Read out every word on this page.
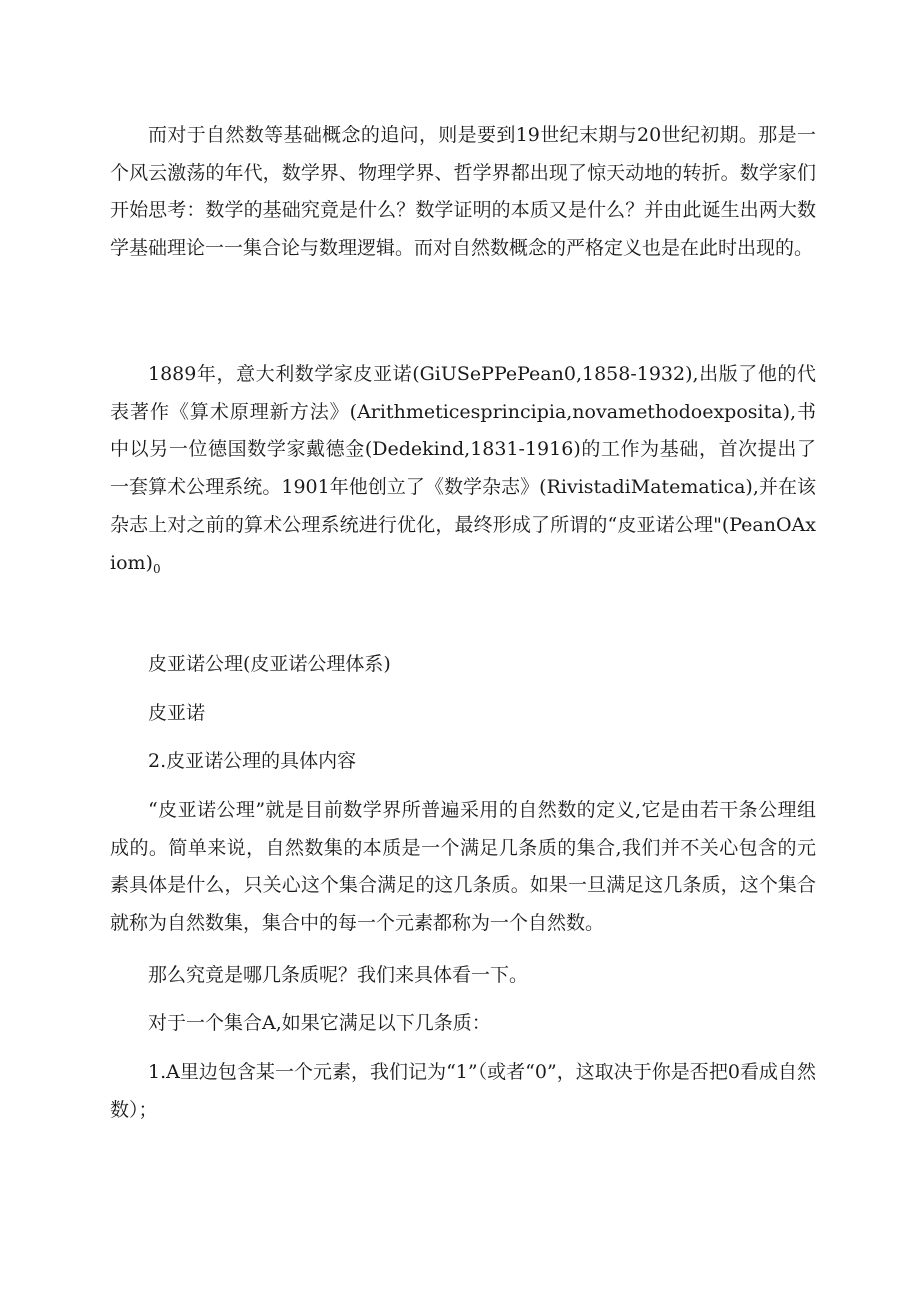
而对于自然数等基础概念的追问，则是要到19世纪末期与20世纪初期。那是一个风云激荡的年代，数学界、物理学界、哲学界都出现了惊天动地的转折。数学家们开始思考：数学的基础究竟是什么？数学证明的本质又是什么？并由此诞生出两大数学基础理论一一集合论与数理逻辑。而对自然数概念的严格定义也是在此时出现的。

1889年，意大利数学家皮亚诺(GiUSePPePean0,1858-1932),出版了他的代表著作《算术原理新方法》(Arithmeticesprincipia,novamethodoexposita),书中以另一位德国数学家戴德金(Dedekind,1831-1916)的工作为基础，首次提出了一套算术公理系统。1901年他创立了《数学杂志》(RivistadiMatematica),并在该杂志上对之前的算术公理系统进行优化，最终形成了所谓的“皮亚诺公理"$(PeanOAxiom)_0$

皮亚诺公理(皮亚诺公理体系)

皮亚诺

2.皮亚诺公理的具体内容

“皮亚诺公理”就是目前数学界所普遍采用的自然数的定义,它是由若干条公理组成的。简单来说，自然数集的本质是一个满足几条质的集合,我们并不关心包含的元素具体是什么，只关心这个集合满足的这几条质。如果一旦满足这几条质，这个集合就称为自然数集，集合中的每一个元素都称为一个自然数。

那么究竟是哪几条质呢？我们来具体看一下。

对于一个集合A,如果它满足以下几条质：

1.A里边包含某一个元素，我们记为“1”（或者“0”，这取决于你是否把0看成自然数）；
